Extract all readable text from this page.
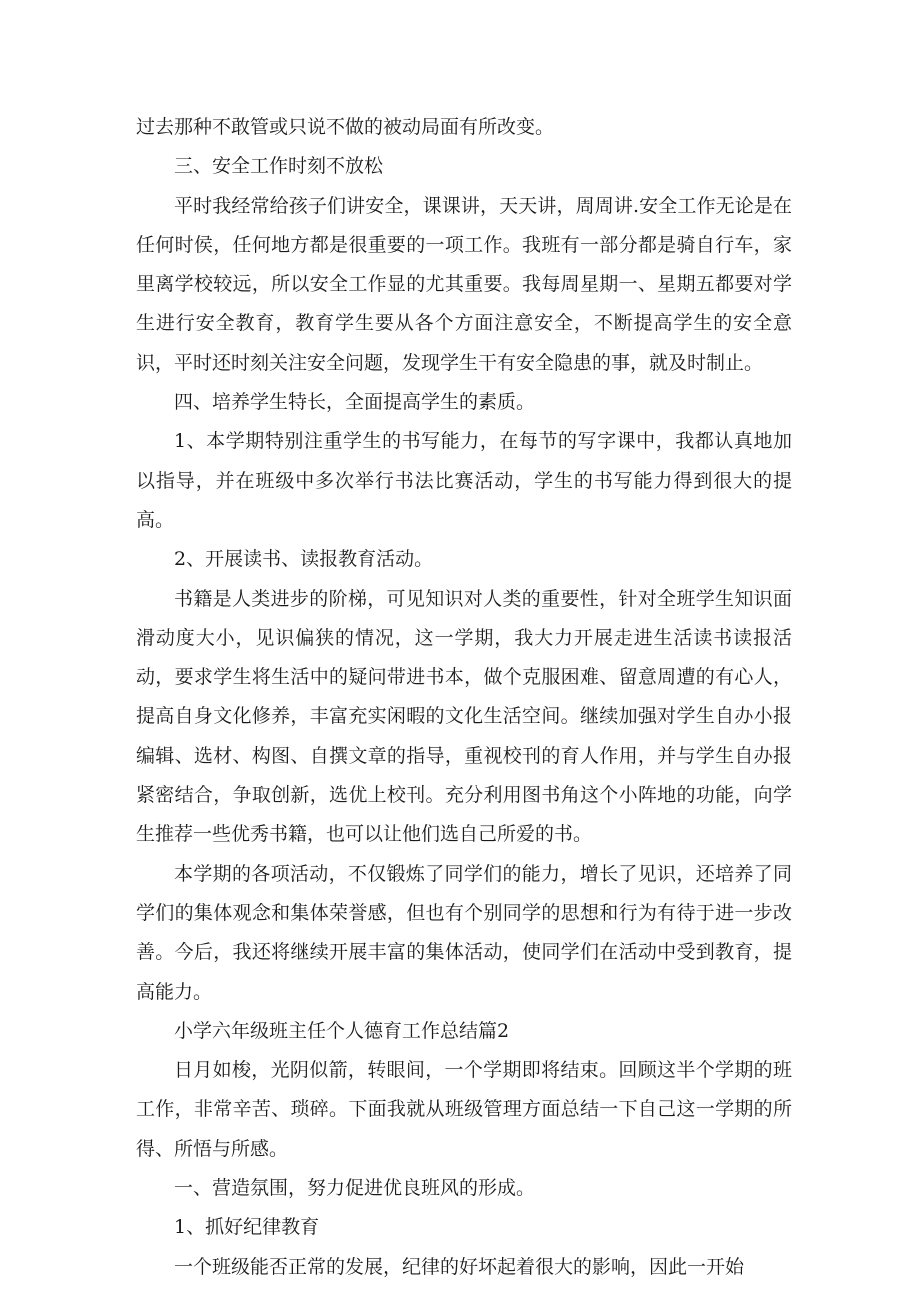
过去那种不敢管或只说不做的被动局面有所改变。

三、安全工作时刻不放松

平时我经常给孩子们讲安全，课课讲，天天讲，周周讲.安全工作无论是在任何时侯，任何地方都是很重要的一项工作。我班有一部分都是骑自行车，家里离学校较远，所以安全工作显的尤其重要。我每周星期一、星期五都要对学生进行安全教育，教育学生要从各个方面注意安全，不断提高学生的安全意识，平时还时刻关注安全问题，发现学生干有安全隐患的事，就及时制止。

四、培养学生特长，全面提高学生的素质。

1、本学期特别注重学生的书写能力，在每节的写字课中，我都认真地加以指导，并在班级中多次举行书法比赛活动，学生的书写能力得到很大的提高。

2、开展读书、读报教育活动。

书籍是人类进步的阶梯，可见知识对人类的重要性，针对全班学生知识面滑动度大小，见识偏狭的情况，这一学期，我大力开展走进生活读书读报活动，要求学生将生活中的疑问带进书本，做个克服困难、留意周遭的有心人，提高自身文化修养，丰富充实闲暇的文化生活空间。继续加强对学生自办小报编辑、选材、构图、自撰文章的指导，重视校刊的育人作用，并与学生自办报紧密结合，争取创新，选优上校刊。充分利用图书角这个小阵地的功能，向学生推荐一些优秀书籍，也可以让他们选自己所爱的书。

本学期的各项活动，不仅锻炼了同学们的能力，增长了见识，还培养了同学们的集体观念和集体荣誉感，但也有个别同学的思想和行为有待于进一步改善。今后，我还将继续开展丰富的集体活动，使同学们在活动中受到教育，提高能力。

小学六年级班主任个人德育工作总结篇2

日月如梭，光阴似箭，转眼间，一个学期即将结束。回顾这半个学期的班工作，非常辛苦、琐碎。下面我就从班级管理方面总结一下自己这一学期的所得、所悟与所感。

一、营造氛围，努力促进优良班风的形成。

1、抓好纪律教育

一个班级能否正常的发展，纪律的好坏起着很大的影响，因此一开始
